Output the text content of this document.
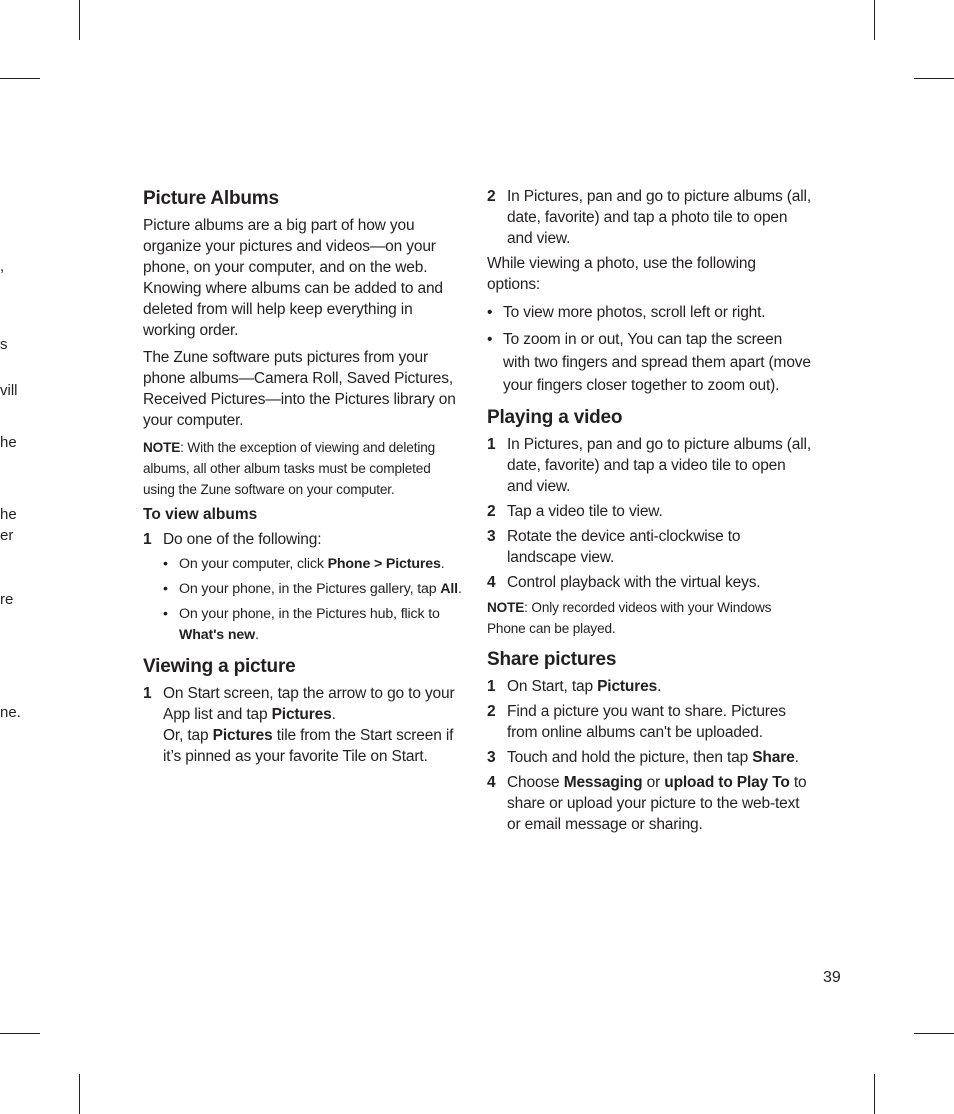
,
s
vill
he
he
er
re
ne.
Picture Albums

Picture albums are a big part of how you organize your pictures and videos—on your phone, on your computer, and on the web. Knowing where albums can be added to and deleted from will help keep everything in working order.

The Zune software puts pictures from your phone albums—Camera Roll, Saved Pictures, Received Pictures—into the Pictures library on your computer.

NOTE: With the exception of viewing and deleting albums, all other album tasks must be completed using the Zune software on your computer.

To view albums
1 Do one of the following:
• On your computer, click Phone > Pictures.
• On your phone, in the Pictures gallery, tap All.
• On your phone, in the Pictures hub, flick to What's new.
Viewing a picture
1 On Start screen, tap the arrow to go to your App list and tap Pictures.
Or, tap Pictures tile from the Start screen if it’s pinned as your favorite Tile on Start.
2 In Pictures, pan and go to picture albums (all, date, favorite) and tap a photo tile to open and view.

While viewing a photo, use the following options:

• To view more photos, scroll left or right.
• To zoom in or out, You can tap the screen with two fingers and spread them apart (move your fingers closer together to zoom out).
Playing a video
1 In Pictures, pan and go to picture albums (all, date, favorite) and tap a video tile to open and view.
2 Tap a video tile to view.
3 Rotate the device anti-clockwise to landscape view.
4 Control playback with the virtual keys.

NOTE: Only recorded videos with your Windows Phone can be played.

Share pictures
1 On Start, tap Pictures.
2 Find a picture you want to share. Pictures from online albums can't be uploaded.
3 Touch and hold the picture, then tap Share.
4 Choose Messaging or upload to Play To to share or upload your picture to the web-text or email message or sharing.
39
